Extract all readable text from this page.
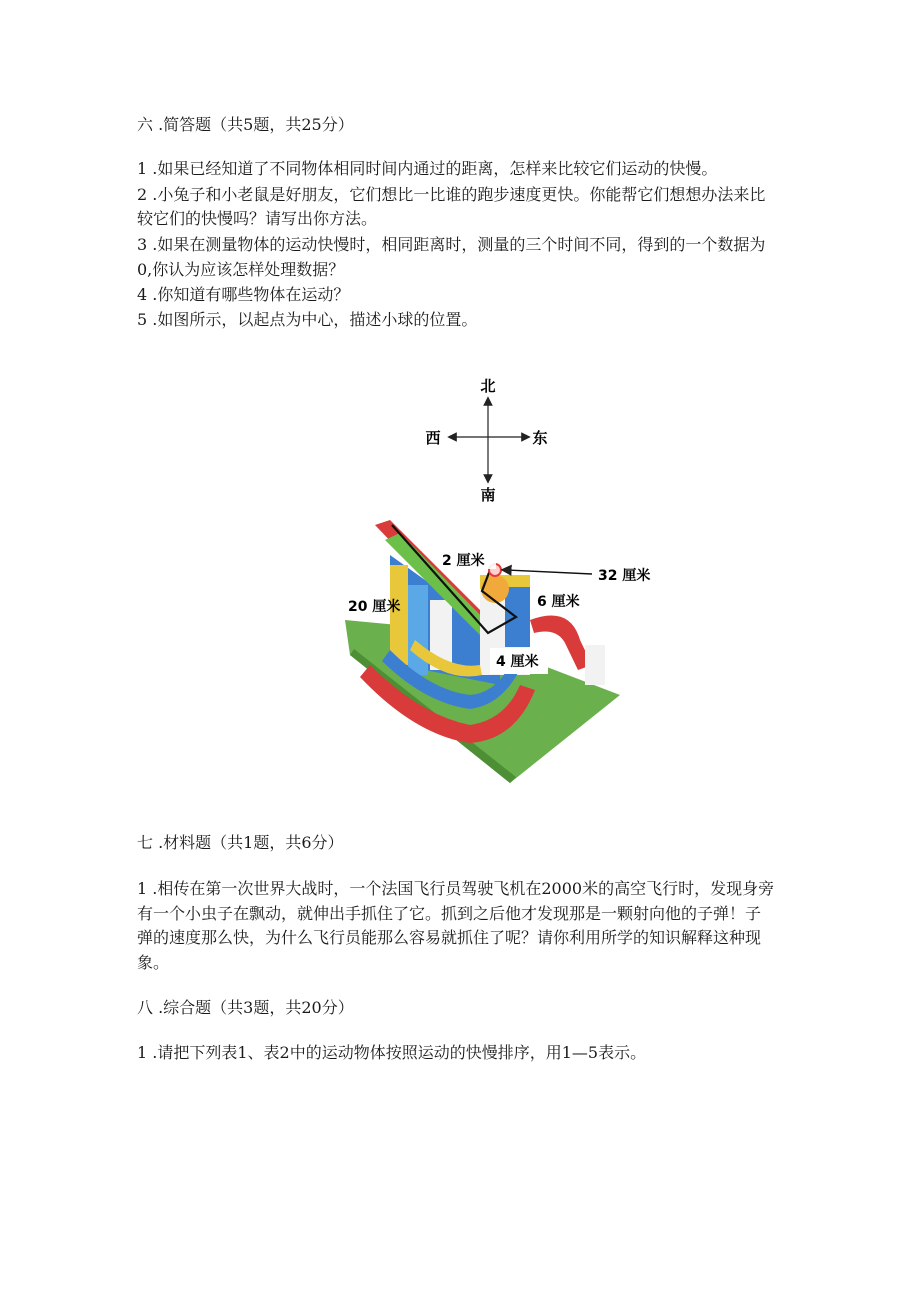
六 .简答题（共5题，共25分）
1 .如果已经知道了不同物体相同时间内通过的距离，怎样来比较它们运动的快慢。
2 .小兔子和小老鼠是好朋友，它们想比一比谁的跑步速度更快。你能帮它们想想办法来比
较它们的快慢吗？请写出你方法。
3 .如果在测量物体的运动快慢时，相同距离时，测量的三个时间不同，得到的一个数据为
0,你认为应该怎样处理数据？
4 .你知道有哪些物体在运动？
5 .如图所示，以起点为中心，描述小球的位置。
北
南
西	东
2 厘米
32 厘米
6 厘米
20 厘米
4 厘米
七 .材料题（共1题，共6分）
1 .相传在第一次世界大战时，一个法国飞行员驾驶飞机在2000米的高空飞行时，发现身旁
有一个小虫子在飘动，就伸出手抓住了它。抓到之后他才发现那是一颗射向他的子弹！子
弹的速度那么快，为什么飞行员能那么容易就抓住了呢？请你利用所学的知识解释这种现
象。
八 .综合题（共3题，共20分）
1 .请把下列表1、表2中的运动物体按照运动的快慢排序，用1—5表示。
